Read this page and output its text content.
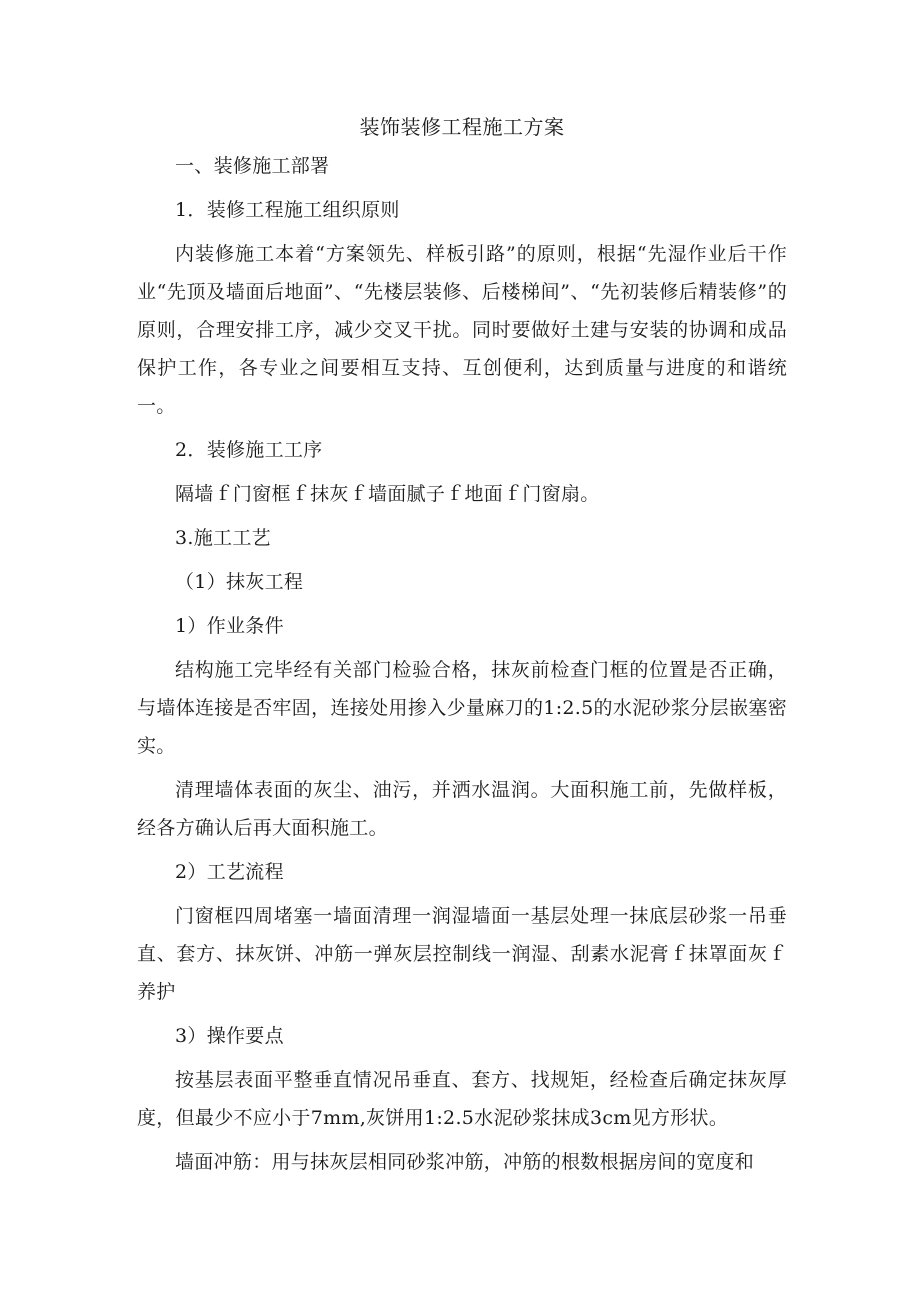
装饰装修工程施工方案

一、装修施工部署

1．装修工程施工组织原则

内装修施工本着“方案领先、样板引路”的原则，根据“先湿作业后干作业“先顶及墙面后地面”、“先楼层装修、后楼梯间”、“先初装修后精装修”的原则，合理安排工序，减少交叉干扰。同时要做好土建与安装的协调和成品保护工作，各专业之间要相互支持、互创便利，达到质量与进度的和谐统一。

2．装修施工工序

隔墙ｆ门窗框ｆ抹灰ｆ墙面腻子ｆ地面ｆ门窗扇。

3.施工工艺

（1）抹灰工程

1）作业条件

结构施工完毕经有关部门检验合格，抹灰前检查门框的位置是否正确，与墙体连接是否牢固，连接处用掺入少量麻刀的1:2.5的水泥砂浆分层嵌塞密实。

清理墙体表面的灰尘、油污，并洒水温润。大面积施工前，先做样板，经各方确认后再大面积施工。

2）工艺流程

门窗框四周堵塞一墙面清理一润湿墙面一基层处理一抹底层砂浆一吊垂直、套方、抹灰饼、冲筋一弹灰层控制线一润湿、刮素水泥膏ｆ抹罩面灰ｆ养护

3）操作要点

按基层表面平整垂直情况吊垂直、套方、找规矩，经检查后确定抹灰厚度，但最少不应小于7mm,灰饼用1:2.5水泥砂浆抹成3cm见方形状。

墙面冲筋：用与抹灰层相同砂浆冲筋，冲筋的根数根据房间的宽度和
